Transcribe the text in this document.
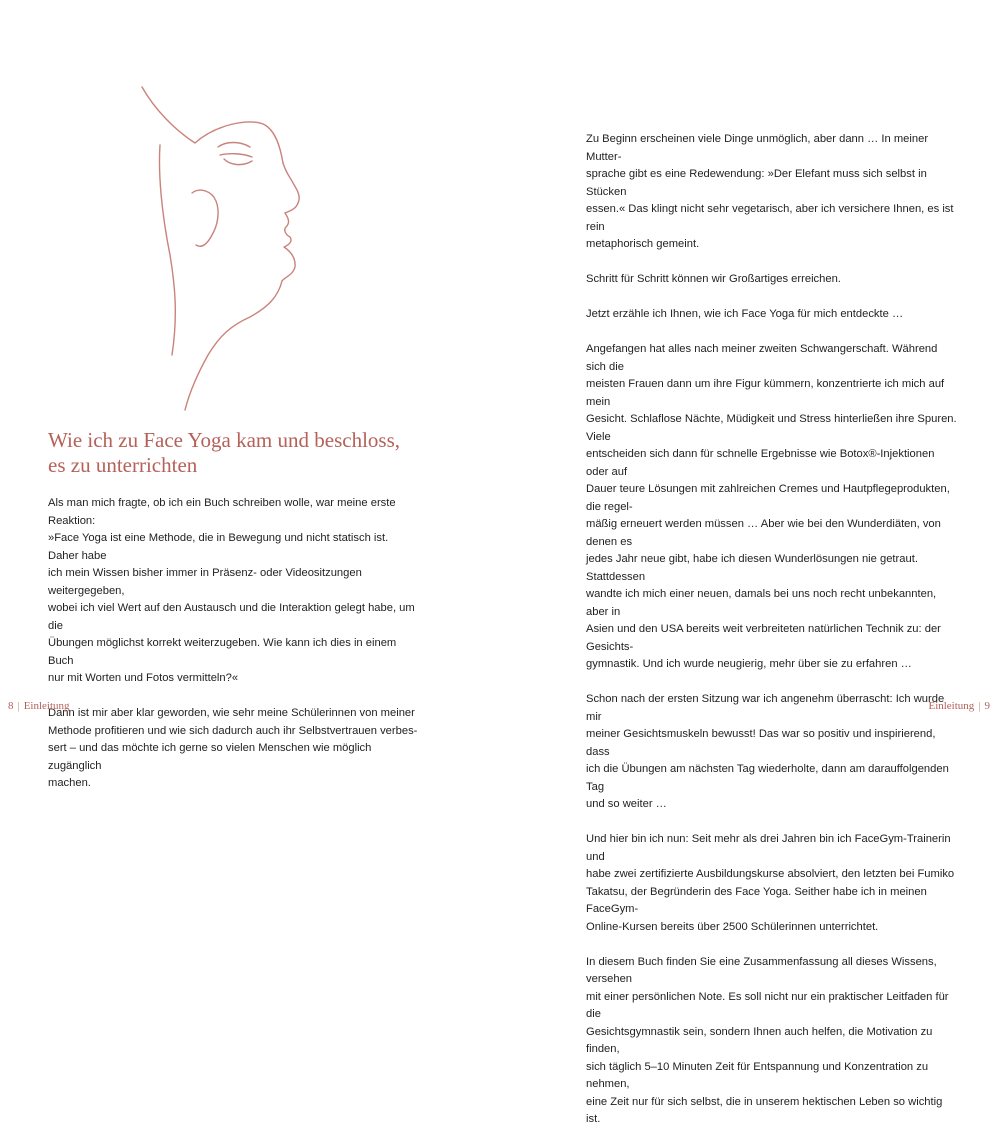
Wie ich zu Face Yoga kam und beschloss,
es zu unterrichten

Als man mich fragte, ob ich ein Buch schreiben wolle, war meine erste Reaktion:
»Face Yoga ist eine Methode, die in Bewegung und nicht statisch ist. Daher habe
ich mein Wissen bisher immer in Präsenz- oder Videositzungen weitergegeben,
wobei ich viel Wert auf den Austausch und die Interaktion gelegt habe, um die
Übungen möglichst korrekt weiterzugeben. Wie kann ich dies in einem Buch
nur mit Worten und Fotos vermitteln?«

Dann ist mir aber klar geworden, wie sehr meine Schülerinnen von meiner
Methode profitieren und wie sich dadurch auch ihr Selbstvertrauen verbes-
sert – und das möchte ich gerne so vielen Menschen wie möglich zugänglich
machen.

8 | Einleitung

Zu Beginn erscheinen viele Dinge unmöglich, aber dann … In meiner Mutter-
sprache gibt es eine Redewendung: »Der Elefant muss sich selbst in Stücken
essen.« Das klingt nicht sehr vegetarisch, aber ich versichere Ihnen, es ist rein
metaphorisch gemeint.

Schritt für Schritt können wir Großartiges erreichen.

Jetzt erzähle ich Ihnen, wie ich Face Yoga für mich entdeckte …

Angefangen hat alles nach meiner zweiten Schwangerschaft. Während sich die
meisten Frauen dann um ihre Figur kümmern, konzentrierte ich mich auf mein
Gesicht. Schlaflose Nächte, Müdigkeit und Stress hinterließen ihre Spuren. Viele
entscheiden sich dann für schnelle Ergebnisse wie Botox®-Injektionen oder auf
Dauer teure Lösungen mit zahlreichen Cremes und Hautpflegeprodukten, die regel-
mäßig erneuert werden müssen … Aber wie bei den Wunderdiäten, von denen es
jedes Jahr neue gibt, habe ich diesen Wunderlösungen nie getraut. Stattdessen
wandte ich mich einer neuen, damals bei uns noch recht unbekannten, aber in
Asien und den USA bereits weit verbreiteten natürlichen Technik zu: der Gesichts-
gymnastik. Und ich wurde neugierig, mehr über sie zu erfahren …

Schon nach der ersten Sitzung war ich angenehm überrascht: Ich wurde mir
meiner Gesichtsmuskeln bewusst! Das war so positiv und inspirierend, dass
ich die Übungen am nächsten Tag wiederholte, dann am darauffolgenden Tag
und so weiter …

Und hier bin ich nun: Seit mehr als drei Jahren bin ich FaceGym-Trainerin und
habe zwei zertifizierte Ausbildungskurse absolviert, den letzten bei Fumiko
Takatsu, der Begründerin des Face Yoga. Seither habe ich in meinen FaceGym-
Online-Kursen bereits über 2500 Schülerinnen unterrichtet.

In diesem Buch finden Sie eine Zusammenfassung all dieses Wissens, versehen
mit einer persönlichen Note. Es soll nicht nur ein praktischer Leitfaden für die
Gesichtsgymnastik sein, sondern Ihnen auch helfen, die Motivation zu finden,
sich täglich 5–10 Minuten Zeit für Entspannung und Konzentration zu nehmen,
eine Zeit nur für sich selbst, die in unserem hektischen Leben so wichtig ist.

Einleitung | 9
